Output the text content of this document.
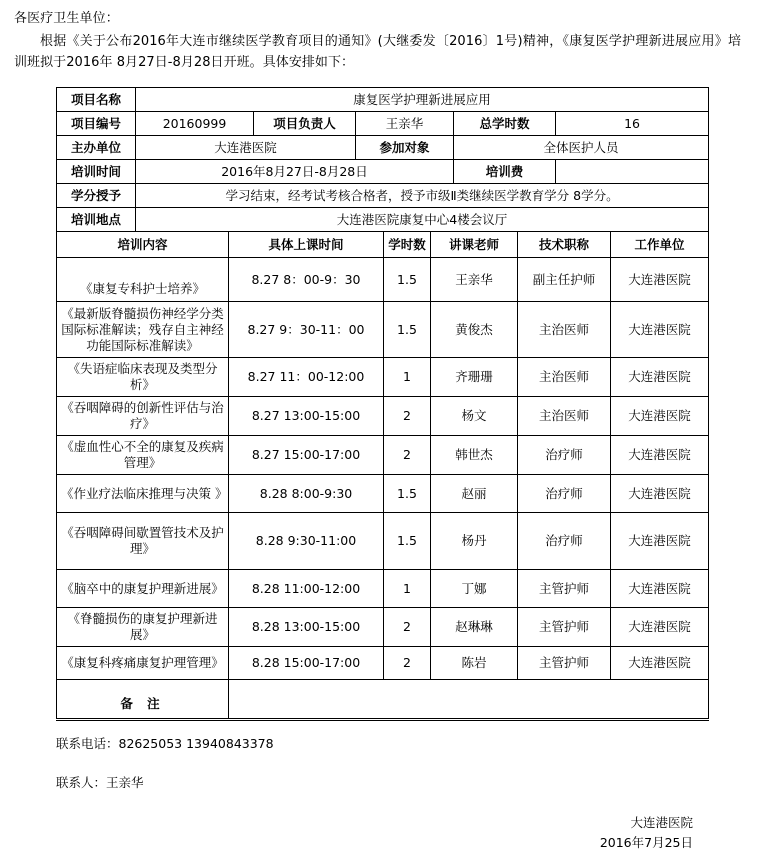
各医疗卫生单位：

根据《关于公布2016年大连市继续医学教育项目的通知》(大继委发〔2016〕1号)精神，《康复医学护理新进展应用》培训班拟于2016年 8月27日-8月28日开班。具体安排如下：

项目名称	康复医学护理新进展应用				
项目编号	20160999	项目负责人	王亲华	总学时数	16
主办单位	大连港医院		参加对象	全体医护人员	
培训时间	2016年8月27日-8月28日			培训费	
学分授予	学习结束，经考试考核合格者，授予市级Ⅱ类继续医学教育学分 8学分。				
培训地点	大连港医院康复中心4楼会议厅				
培训内容	具体上课时间	学时数	讲课老师	技术职称	工作单位
《康复专科护士培养》	8.27 8：00-9：30	1.5	王亲华	副主任护师	大连港医院
《最新版脊髓损伤神经学分类国际标准解读；残存自主神经功能国际标准解读》	8.27 9：30-11：00	1.5	黄俊杰	主治医师	大连港医院
《失语症临床表现及类型分析》	8.27 11：00-12:00	1	齐珊珊	主治医师	大连港医院
《吞咽障碍的创新性评估与治疗》	8.27 13:00-15:00	2	杨文	主治医师	大连港医院
《虚血性心不全的康复及疾病管理》	8.27 15:00-17:00	2	韩世杰	治疗师	大连港医院
《作业疗法临床推理与决策 》	8.28 8:00-9:30	1.5	赵丽	治疗师	大连港医院
《吞咽障碍间歇置管技术及护理》	8.28 9:30-11:00	1.5	杨丹	治疗师	大连港医院
《脑卒中的康复护理新进展》	8.28 11:00-12:00	1	丁娜	主管护师	大连港医院
《脊髓损伤的康复护理新进展》	8.28 13:00-15:00	2	赵琳琳	主管护师	大连港医院
《康复科疼痛康复护理管理》	8.28 15:00-17:00	2	陈岩	主管护师	大连港医院
备 注					

联系电话：82625053 13940843378

联系人：王亲华

大连港医院

2016年7月25日
